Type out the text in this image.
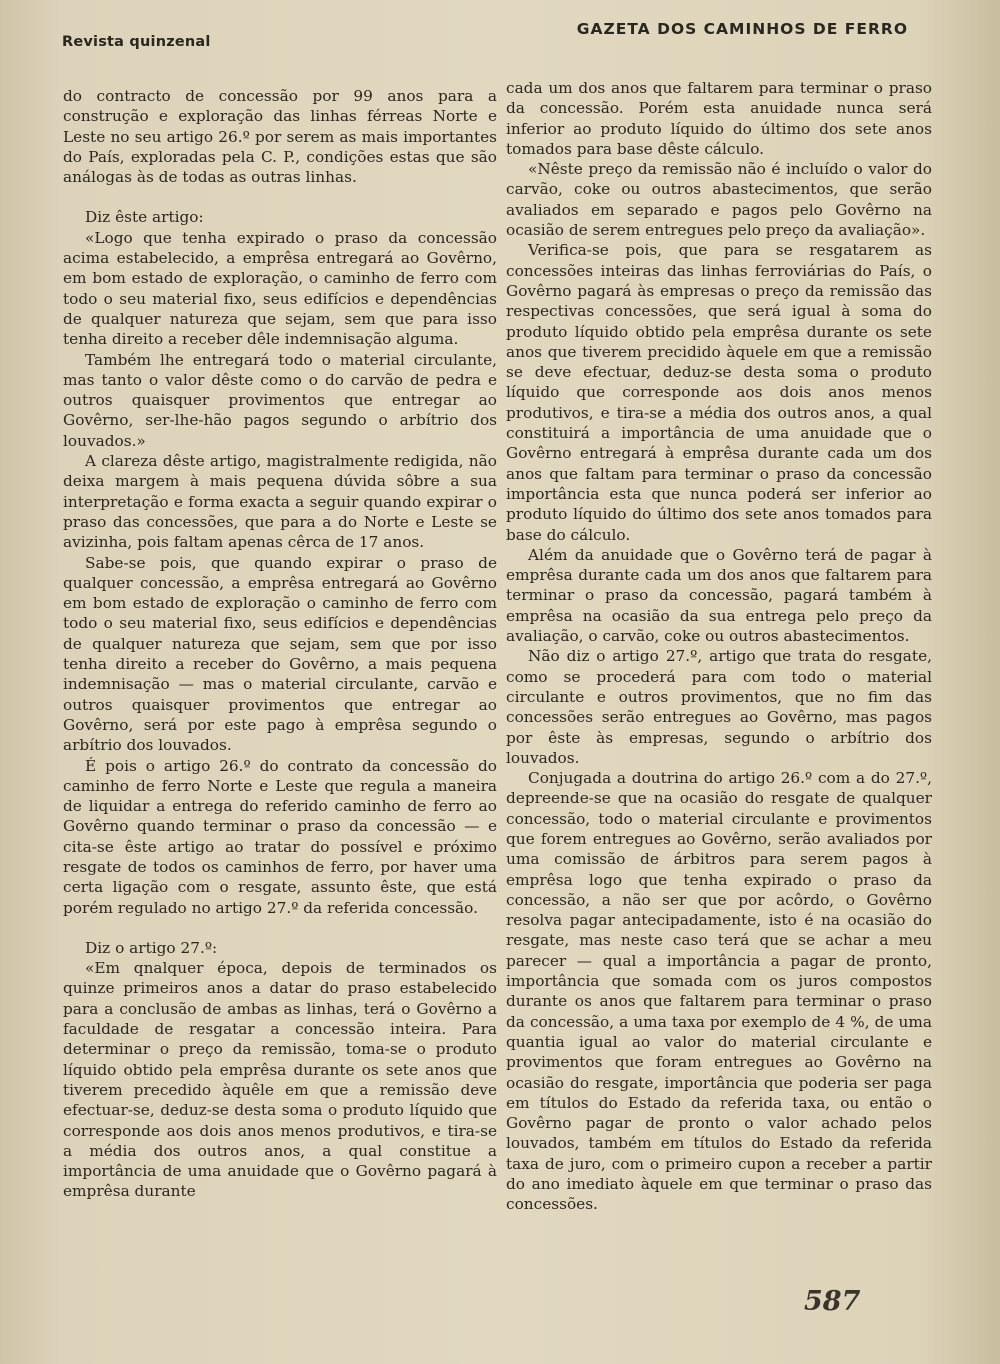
Revista quinzenal
GAZETA DOS CAMINHOS DE FERRO

do contracto de concessão por 99 anos para a construção e exploração das linhas férreas Norte e Leste no seu artigo 26.º por serem as mais importantes do País, exploradas pela C. P., condições estas que são análogas às de todas as outras linhas.

Diz êste artigo:

«Logo que tenha expirado o praso da concessão acima estabelecido, a emprêsa entregará ao Govêrno, em bom estado de exploração, o caminho de ferro com todo o seu material fixo, seus edifícios e dependências de qualquer natureza que sejam, sem que para isso tenha direito a receber dêle indemnisação alguma.

Também lhe entregará todo o material circulante, mas tanto o valor dêste como o do carvão de pedra e outros quaisquer provimentos que entregar ao Govêrno, ser-lhe-hão pagos segundo o arbítrio dos louvados.»

A clareza dêste artigo, magistralmente redigida, não deixa margem à mais pequena dúvida sôbre a sua interpretação e forma exacta a seguir quando expirar o praso das concessões, que para a do Norte e Leste se avizinha, pois faltam apenas cêrca de 17 anos.

Sabe-se pois, que quando expirar o praso de qualquer concessão, a emprêsa entregará ao Govêrno em bom estado de exploração o caminho de ferro com todo o seu material fixo, seus edifícios e dependências de qualquer natureza que sejam, sem que por isso tenha direito a receber do Govêrno, a mais pequena indemnisação — mas o material circulante, carvão e outros quaisquer provimentos que entregar ao Govêrno, será por este pago à emprêsa segundo o arbítrio dos louvados.

É pois o artigo 26.º do contrato da concessão do caminho de ferro Norte e Leste que regula a maneira de liquidar a entrega do referido caminho de ferro ao Govêrno quando terminar o praso da concessão — e cita-se êste artigo ao tratar do possível e próximo resgate de todos os caminhos de ferro, por haver uma certa ligação com o resgate, assunto êste, que está porém regulado no artigo 27.º da referida concessão.

Diz o artigo 27.º:

«Em qnalquer época, depois de terminados os quinze primeiros anos a datar do praso estabelecido para a conclusão de ambas as linhas, terá o Govêrno a faculdade de resgatar a concessão inteira. Para determinar o preço da remissão, toma-se o produto líquido obtido pela emprêsa durante os sete anos que tiverem precedido àquêle em que a remissão deve efectuar-se, deduz-se desta soma o produto líquido que corresponde aos dois anos menos produtivos, e tira-se a média dos outros anos, a qual constitue a importância de uma anuidade que o Govêrno pagará à emprêsa durante

cada um dos anos que faltarem para terminar o praso da concessão. Porém esta anuidade nunca será inferior ao produto líquido do último dos sete anos tomados para base dêste cálculo.

«Nêste preço da remissão não é incluído o valor do carvão, coke ou outros abastecimentos, que serão avaliados em separado e pagos pelo Govêrno na ocasião de serem entregues pelo preço da avaliação».

Verifica-se pois, que para se resgatarem as concessões inteiras das linhas ferroviárias do País, o Govêrno pagará às empresas o preço da remissão das respectivas concessões, que será igual à soma do produto líquido obtido pela emprêsa durante os sete anos que tiverem precidido àquele em que a remissão se deve efectuar, deduz-se desta soma o produto líquido que corresponde aos dois anos menos produtivos, e tira-se a média dos outros anos, a qual constituirá a importância de uma anuidade que o Govêrno entregará à emprêsa durante cada um dos anos que faltam para terminar o praso da concessão importância esta que nunca poderá ser inferior ao produto líquido do último dos sete anos tomados para base do cálculo.

Além da anuidade que o Govêrno terá de pagar à emprêsa durante cada um dos anos que faltarem para terminar o praso da concessão, pagará também à emprêsa na ocasião da sua entrega pelo preço da avaliação, o carvão, coke ou outros abastecimentos.

Não diz o artigo 27.º, artigo que trata do resgate, como se procederá para com todo o material circulante e outros provimentos, que no fim das concessões serão entregues ao Govêrno, mas pagos por êste às empresas, segundo o arbítrio dos louvados.

Conjugada a doutrina do artigo 26.º com a do 27.º, depreende-se que na ocasião do resgate de qualquer concessão, todo o material circulante e provimentos que forem entregues ao Govêrno, serão avaliados por uma comissão de árbitros para serem pagos à emprêsa logo que tenha expirado o praso da concessão, a não ser que por acôrdo, o Govêrno resolva pagar antecipadamente, isto é na ocasião do resgate, mas neste caso terá que se achar a meu parecer — qual a importância a pagar de pronto, importância que somada com os juros compostos durante os anos que faltarem para terminar o praso da concessão, a uma taxa por exemplo de 4 %, de uma quantia igual ao valor do material circulante e provimentos que foram entregues ao Govêrno na ocasião do resgate, importância que poderia ser paga em títulos do Estado da referida taxa, ou então o Govêrno pagar de pronto o valor achado pelos louvados, também em títulos do Estado da referida taxa de juro, com o primeiro cupon a receber a partir do ano imediato àquele em que terminar o praso das concessões.

587
